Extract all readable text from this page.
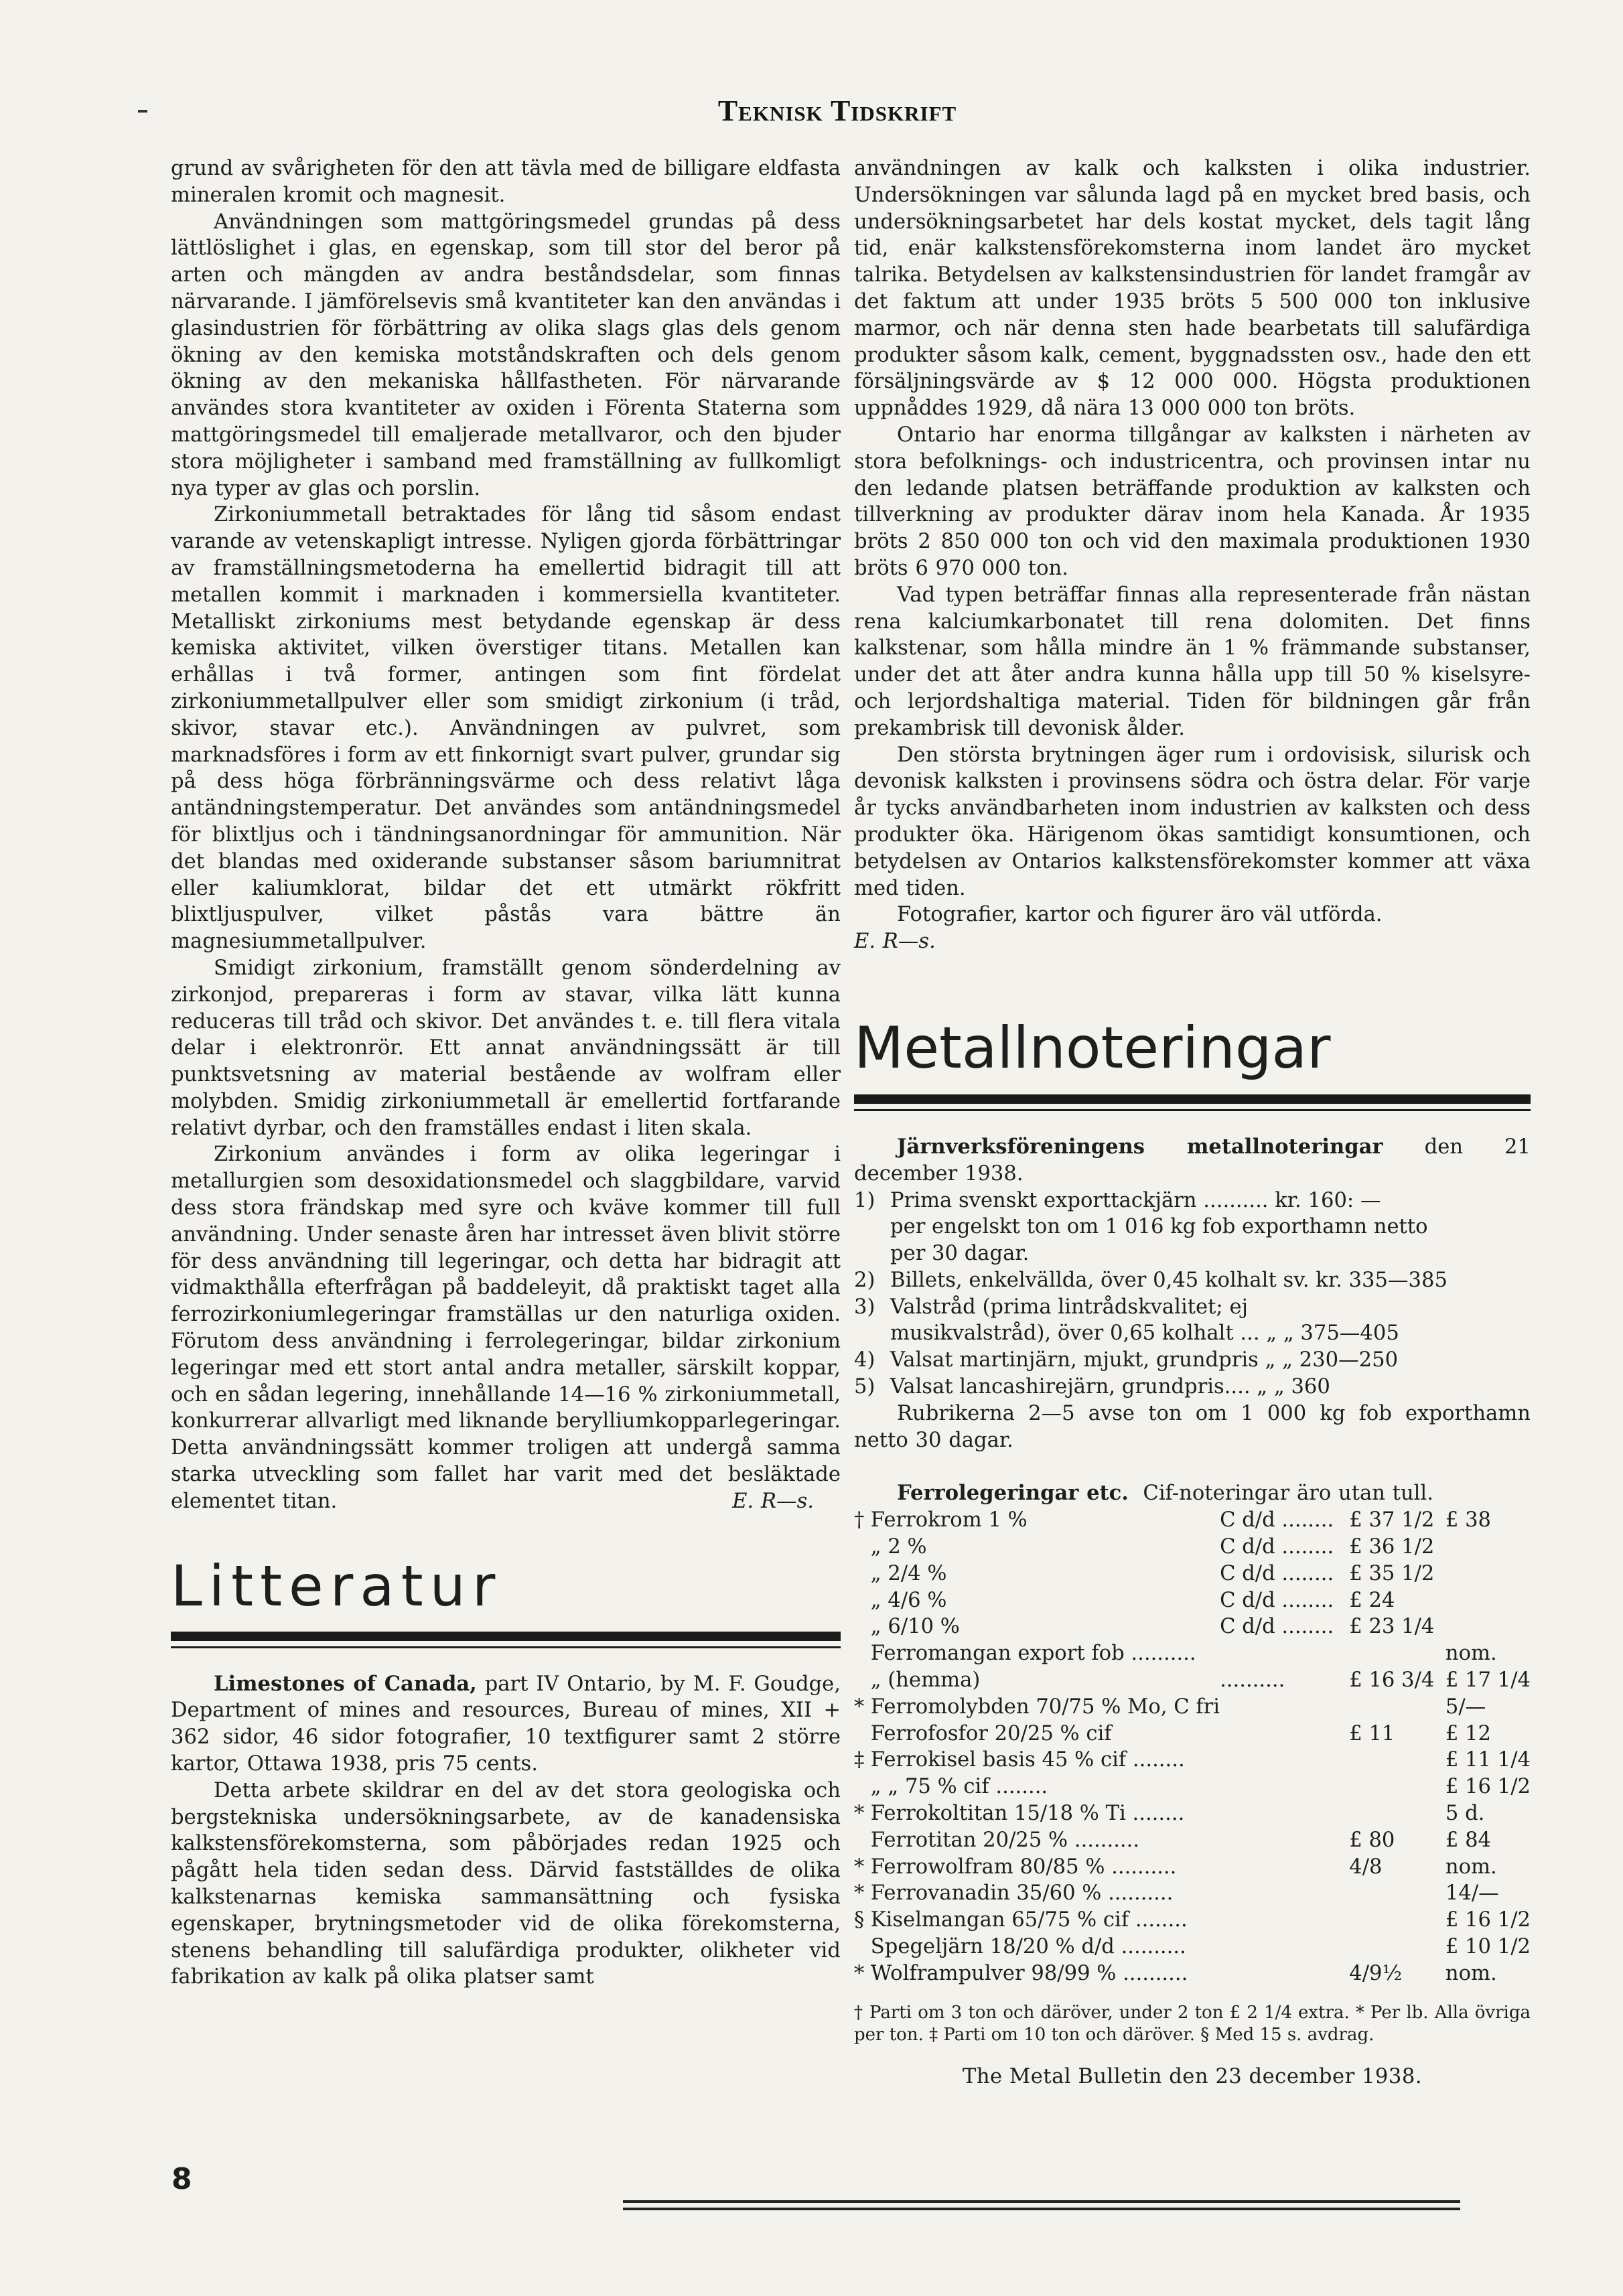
Teknisk Tidskrift

grund av svårigheten för den att tävla med de billigare eldfasta mineralen kromit och magnesit.

Användningen som mattgöringsmedel grundas på dess lättlöslighet i glas, en egenskap, som till stor del beror på arten och mängden av andra beståndsdelar, som finnas närvarande. I jämförelsevis små kvantiteter kan den användas i glasindustrien för förbättring av olika slags glas dels genom ökning av den kemiska motståndskraften och dels genom ökning av den mekaniska hållfastheten. För närvarande användes stora kvantiteter av oxiden i Förenta Staterna som mattgöringsmedel till emaljerade metallvaror, och den bjuder stora möjligheter i samband med framställning av fullkomligt nya typer av glas och porslin.

Zirkoniummetall betraktades för lång tid såsom endast varande av vetenskapligt intresse. Nyligen gjorda förbättringar av framställningsmetoderna ha emellertid bidragit till att metallen kommit i marknaden i kommersiella kvantiteter. Metalliskt zirkoniums mest betydande egenskap är dess kemiska aktivitet, vilken överstiger titans. Metallen kan erhållas i två former, antingen som fint fördelat zirkoniummetallpulver eller som smidigt zirkonium (i tråd, skivor, stavar etc.). Användningen av pulvret, som marknadsföres i form av ett finkornigt svart pulver, grundar sig på dess höga förbränningsvärme och dess relativt låga antändningstemperatur. Det användes som antändningsmedel för blixtljus och i tändningsanordningar för ammunition. När det blandas med oxiderande substanser såsom bariumnitrat eller kaliumklorat, bildar det ett utmärkt rökfritt blixtljuspulver, vilket påstås vara bättre än magnesiummetallpulver.

Smidigt zirkonium, framställt genom sönderdelning av zirkonjod, prepareras i form av stavar, vilka lätt kunna reduceras till tråd och skivor. Det användes t. e. till flera vitala delar i elektronrör. Ett annat användningssätt är till punktsvetsning av material bestående av wolfram eller molybden. Smidig zirkoniummetall är emellertid fortfarande relativt dyrbar, och den framställes endast i liten skala.

Zirkonium användes i form av olika legeringar i metallurgien som desoxidationsmedel och slaggbildare, varvid dess stora frändskap med syre och kväve kommer till full användning. Under senaste åren har intresset även blivit större för dess användning till legeringar, och detta har bidragit att vidmakthålla efterfrågan på baddeleyit, då praktiskt taget alla ferrozirkoniumlegeringar framställas ur den naturliga oxiden. Förutom dess användning i ferrolegeringar, bildar zirkonium legeringar med ett stort antal andra metaller, särskilt koppar, och en sådan legering, innehållande 14—16 % zirkoniummetall, konkurrerar allvarligt med liknande berylliumkopparlegeringar. Detta användningssätt kommer troligen att undergå samma starka utveckling som fallet har varit med det besläktade elementet titan.	E. R—s.

Litteratur

Limestones of Canada, part IV Ontario, by M. F. Goudge, Department of mines and resources, Bureau of mines, XII + 362 sidor, 46 sidor fotografier, 10 textfigurer samt 2 större kartor, Ottawa 1938, pris 75 cents.

Detta arbete skildrar en del av det stora geologiska och bergstekniska undersökningsarbete, av de kanadensiska kalkstensförekomsterna, som påbörjades redan 1925 och pågått hela tiden sedan dess. Därvid fastställdes de olika kalkstenarnas kemiska sammansättning och fysiska egenskaper, brytningsmetoder vid de olika förekomsterna, stenens behandling till salufärdiga produkter, olikheter vid fabrikation av kalk på olika platser samt

användningen av kalk och kalksten i olika industrier. Undersökningen var sålunda lagd på en mycket bred basis, och undersökningsarbetet har dels kostat mycket, dels tagit lång tid, enär kalkstensförekomsterna inom landet äro mycket talrika. Betydelsen av kalkstensindustrien för landet framgår av det faktum att under 1935 bröts 5 500 000 ton inklusive marmor, och när denna sten hade bearbetats till salufärdiga produkter såsom kalk, cement, byggnadssten osv., hade den ett försäljningsvärde av $ 12 000 000. Högsta produktionen uppnåddes 1929, då nära 13 000 000 ton bröts.

Ontario har enorma tillgångar av kalksten i närheten av stora befolknings- och industricentra, och provinsen intar nu den ledande platsen beträffande produktion av kalksten och tillverkning av produkter därav inom hela Kanada. År 1935 bröts 2 850 000 ton och vid den maximala produktionen 1930 bröts 6 970 000 ton.

Vad typen beträffar finnas alla representerade från nästan rena kalciumkarbonatet till rena dolomiten. Det finns kalkstenar, som hålla mindre än 1 % främmande substanser, under det att åter andra kunna hålla upp till 50 % kiselsyre- och lerjordshaltiga material. Tiden för bildningen går från prekambrisk till devonisk ålder.

Den största brytningen äger rum i ordovisisk, silurisk och devonisk kalksten i provinsens södra och östra delar. För varje år tycks användbarheten inom industrien av kalksten och dess produkter öka. Härigenom ökas samtidigt konsumtionen, och betydelsen av Ontarios kalkstensförekomster kommer att växa med tiden.

Fotografier, kartor och figurer äro väl utförda.

E. R—s.

Metallnoteringar

Järnverksföreningens metallnoteringar den 21 december 1938.

1) Prima svenskt exporttackjärn .......... kr. 160: —
per engelskt ton om 1 016 kg fob exporthamn netto
per 30 dagar.
2) Billets, enkelvällda, över 0,45 kolhalt sv. kr. 335—385
3) Valstråd (prima lintrådskvalitet; ej
musikvalstråd), över 0,65 kolhalt ... „ „ 375—405
4) Valsat martinjärn, mjukt, grundpris „ „ 230—250
5) Valsat lancashirejärn, grundpris.... „ „ 360

Rubrikerna 2—5 avse ton om 1 000 kg fob exporthamn netto 30 dagar.

Ferrolegeringar etc. Cif-noteringar äro utan tull.

†	Ferrokrom 1 %	C d/d ........	£ 37 1/2	£ 38
	„ 2 %	C d/d ........	£ 36 1/2	
	„ 2/4 %	C d/d ........	£ 35 1/2	
	„ 4/6 %	C d/d ........	£ 24	
	„ 6/10 %	C d/d ........	£ 23 1/4	
	Ferromangan export fob ..........			nom.
	„ (hemma)	..........	£ 16 3/4	£ 17 1/4
*	Ferromolybden 70/75 % Mo, C fri			5/—
	Ferrofosfor 20/25 % cif		£ 11	£ 12
‡	Ferrokisel basis 45 % cif ........			£ 11 1/4
	„ „ 75 % cif ........			£ 16 1/2
*	Ferrokoltitan 15/18 % Ti ........			5 d.
	Ferrotitan 20/25 % ..........		£ 80	£ 84
*	Ferrowolfram 80/85 % ..........		4/8	nom.
*	Ferrovanadin 35/60 % ..........			14/—
§	Kiselmangan 65/75 % cif ........			£ 16 1/2
	Spegeljärn 18/20 % d/d ..........			£ 10 1/2
*	Wolframpulver 98/99 % ..........		4/9½	nom.
† Parti om 3 ton och däröver, under 2 ton £ 2 1/4 extra. * Per lb. Alla övriga per ton. ‡ Parti om 10 ton och däröver. § Med 15 s. avdrag.
The Metal Bulletin den 23 december 1938.
8
